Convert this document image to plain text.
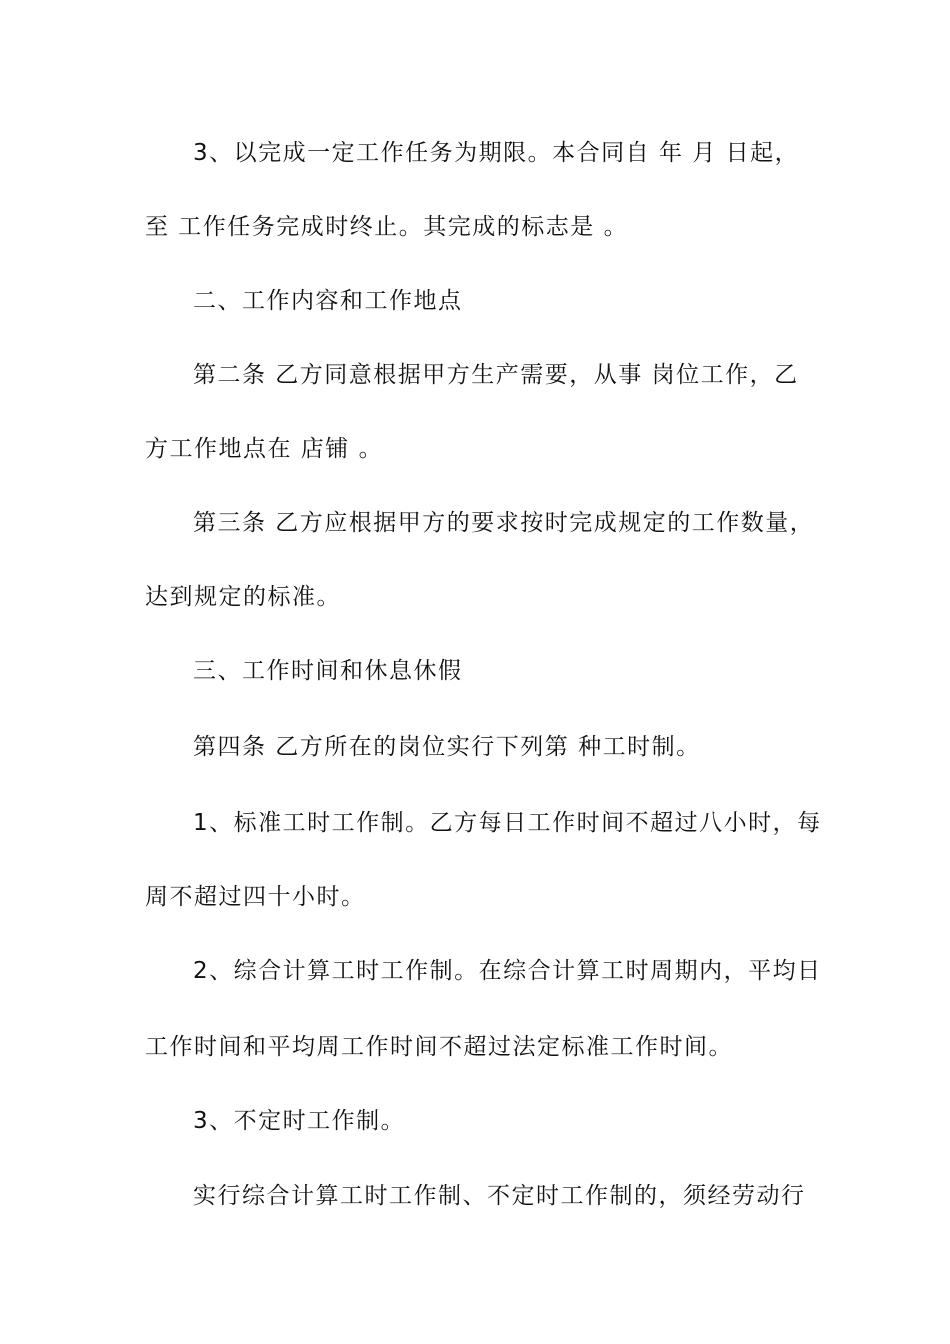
3、以完成一定工作任务为期限。本合同自 年 月 日起，
至 工作任务完成时终止。其完成的标志是 。
二、工作内容和工作地点
第二条 乙方同意根据甲方生产需要，从事 岗位工作，乙
方工作地点在 店铺 。
第三条 乙方应根据甲方的要求按时完成规定的工作数量，
达到规定的标准。
三、工作时间和休息休假
第四条 乙方所在的岗位实行下列第 种工时制。
1、标准工时工作制。乙方每日工作时间不超过八小时，每
周不超过四十小时。
2、综合计算工时工作制。在综合计算工时周期内，平均日
工作时间和平均周工作时间不超过法定标准工作时间。
3、不定时工作制。
实行综合计算工时工作制、不定时工作制的，须经劳动行
